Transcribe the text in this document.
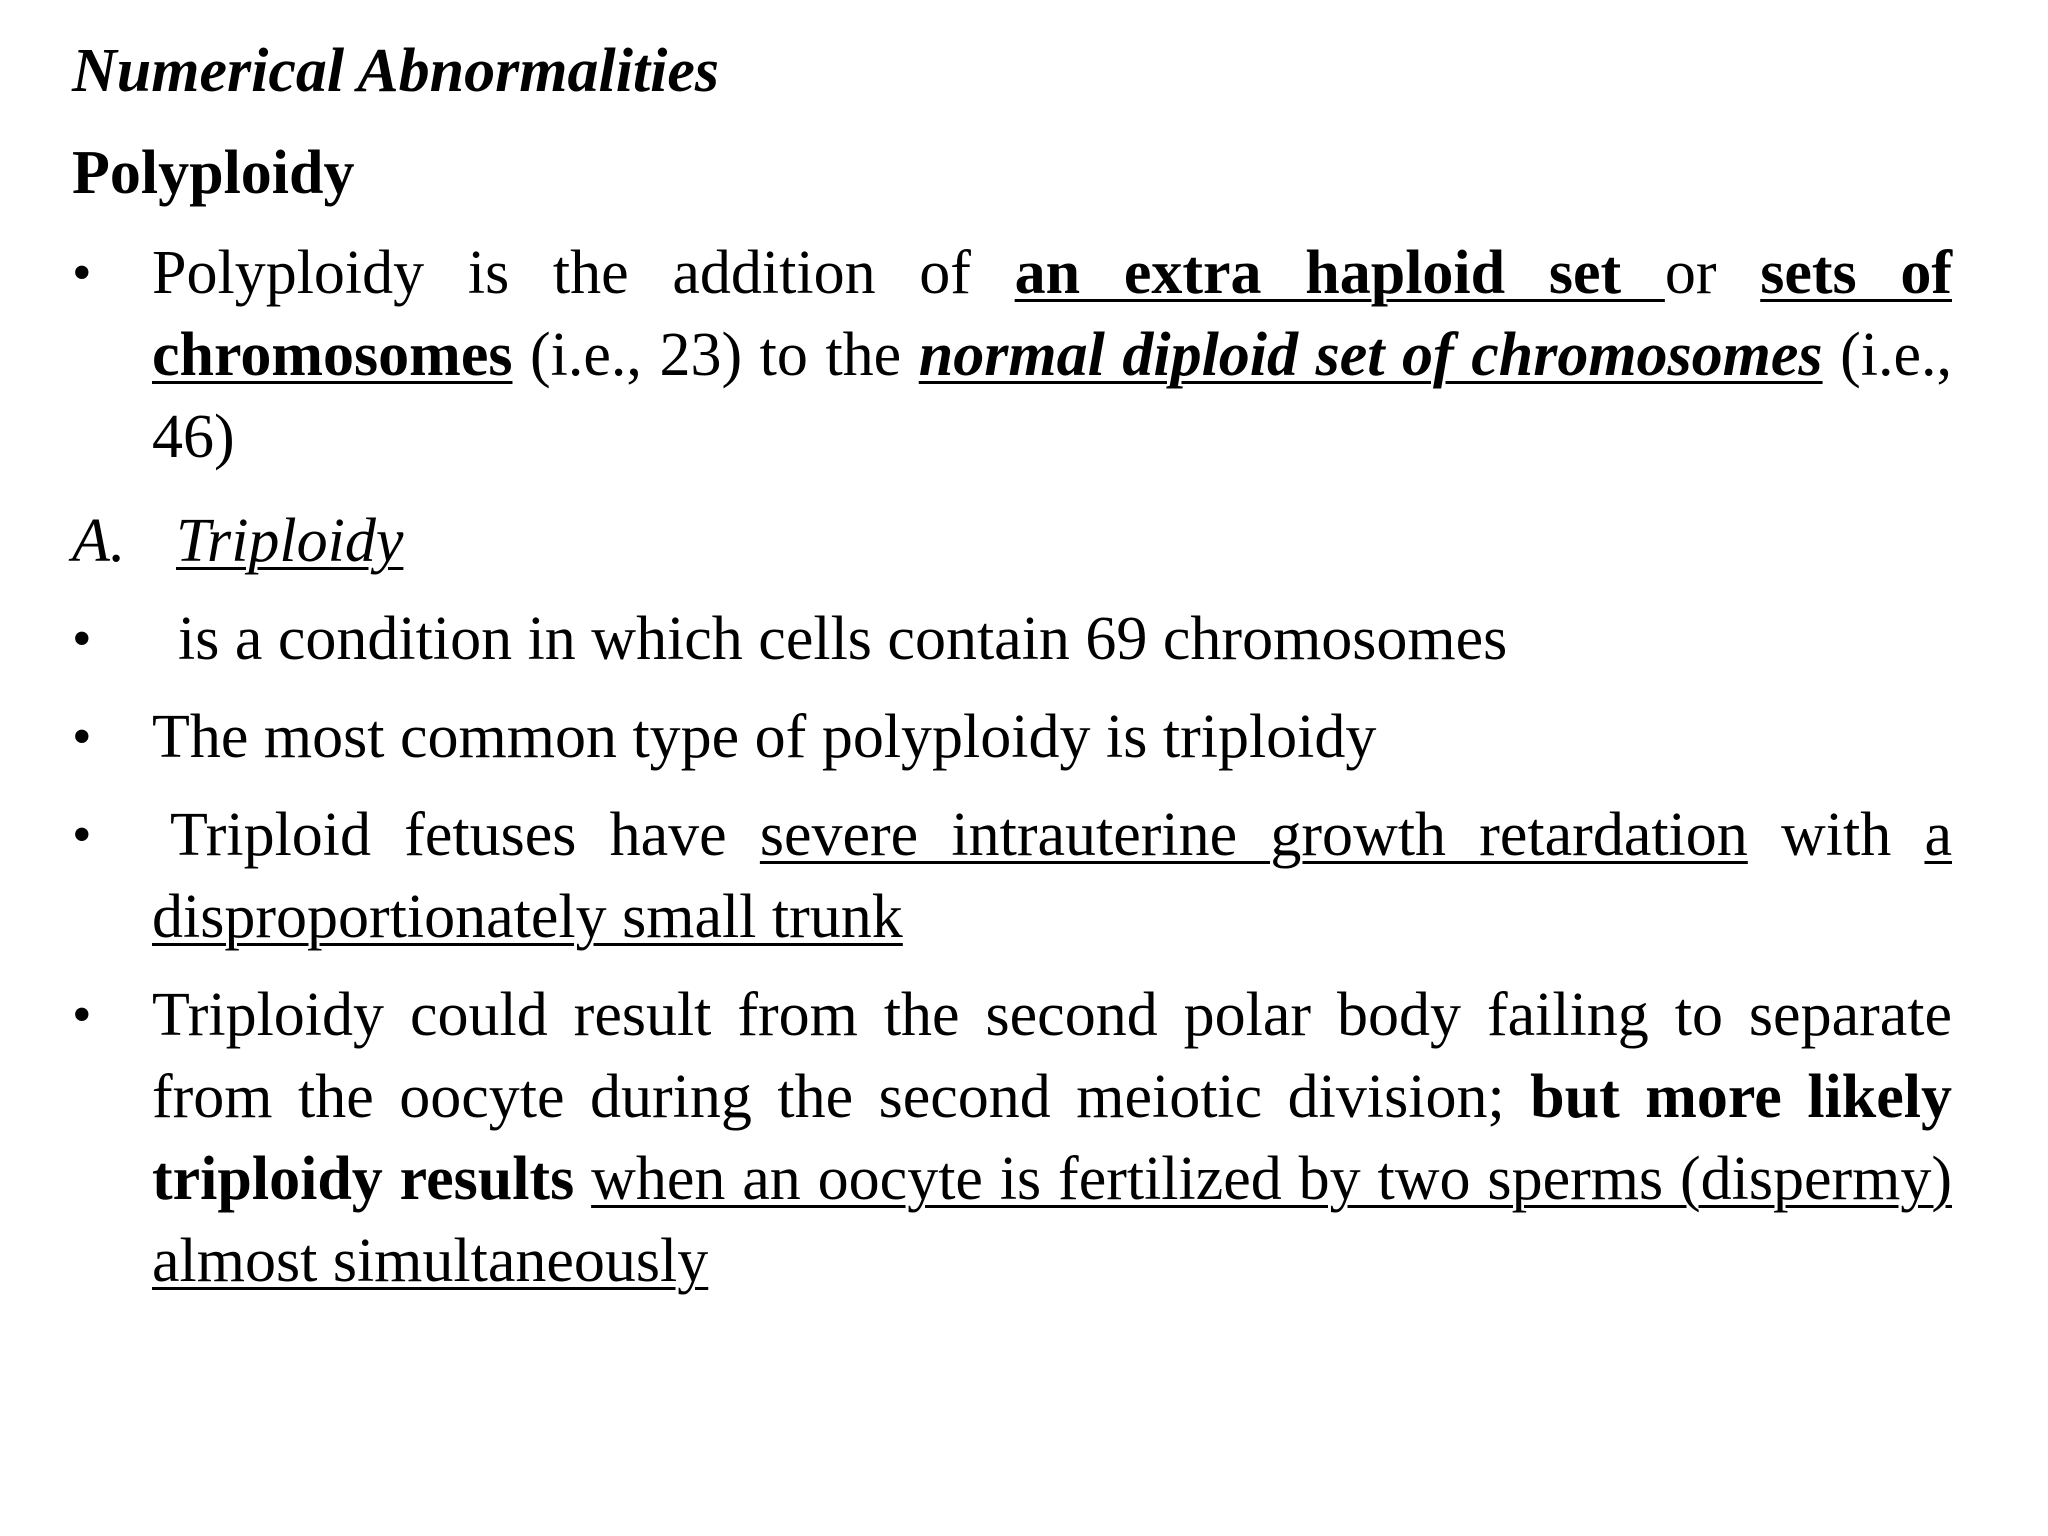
Numerical Abnormalities
Polyploidy
• Polyploidy is the addition of an extra haploid set or sets of chromosomes (i.e., 23) to the normal diploid set of chromosomes (i.e., 46)

A. Triploidy
•	is a condition in which cells contain 69 chromosomes

• The most common type of polyploidy is triploidy

• Triploid fetuses have severe intrauterine growth retardation with a disproportionately small trunk

• Triploidy could result from the second polar body failing to separate from the oocyte during the second meiotic division; but more likely triploidy results when an oocyte is fertilized by two sperms (dispermy) almost simultaneously
